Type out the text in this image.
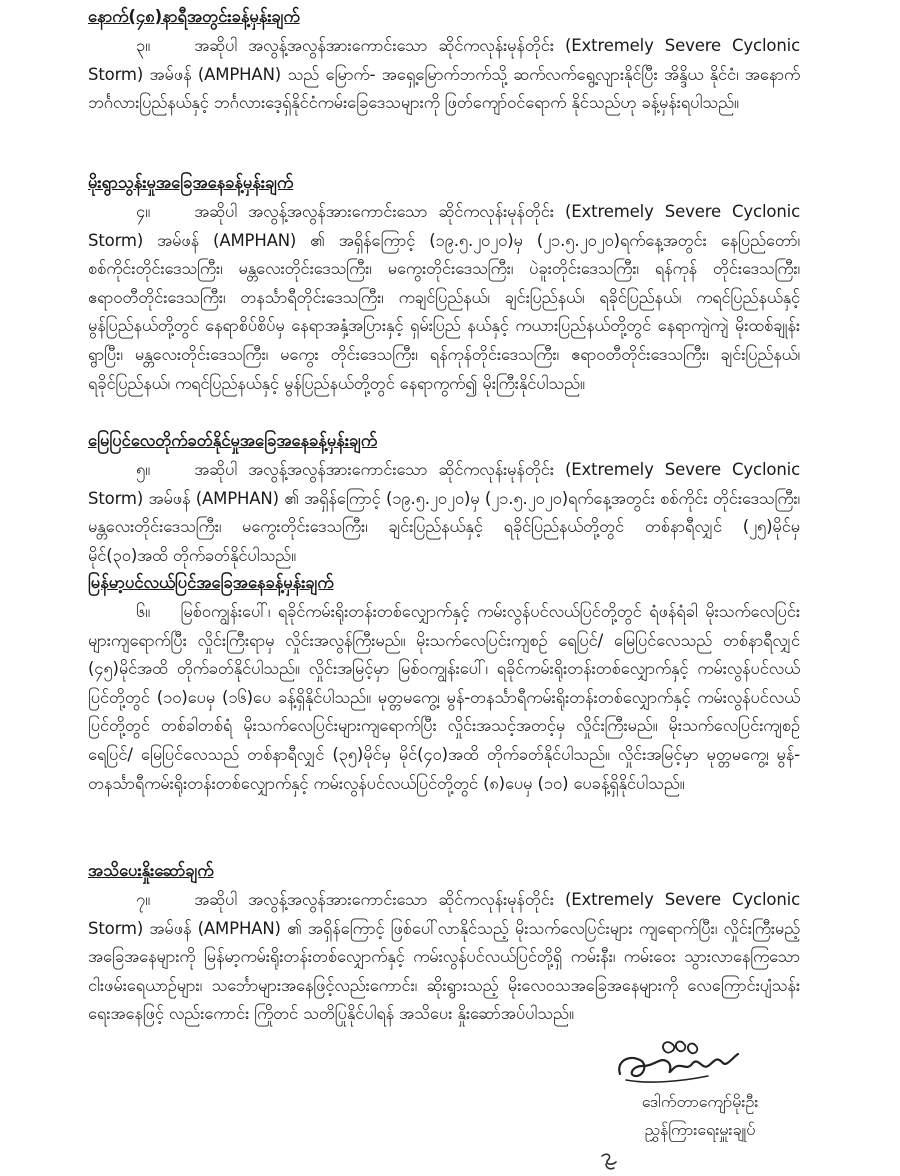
နောက်(၄၈)နာရီအတွင်းခန့်မှန်းချက်

၃။	အဆိုပါ အလွန့်အလွန်အားကောင်းသော ဆိုင်ကလုန်းမုန်တိုင်း (Extremely Severe Cyclonic Storm) အမ်ဖန် (AMPHAN) သည် မြောက်- အရှေ့မြောက်ဘက်သို့ ဆက်လက်ရွေ့လျားနိုင်ပြီး အိန္ဒိယ နိုင်ငံ၊ အနောက်ဘင်္ဂလားပြည်နယ်နှင့် ဘင်္ဂလားဒေ့ရှ်နိုင်ငံကမ်းခြေဒေသများကို ဖြတ်ကျော်ဝင်ရောက် နိုင်သည်ဟု ခန့်မှန်းရပါသည်။

မိုးရွာသွန်းမှုအခြေအနေခန့်မှန်းချက်

၄။	အဆိုပါ အလွန့်အလွန်အားကောင်းသော ဆိုင်ကလုန်းမုန်တိုင်း (Extremely Severe Cyclonic Storm) အမ်ဖန် (AMPHAN) ၏ အရှိန်ကြောင့် (၁၉.၅.၂၀၂၀)မှ (၂၁.၅.၂၀၂၀)ရက်နေ့အတွင်း နေပြည်တော်၊ စစ်ကိုင်းတိုင်းဒေသကြီး၊ မန္တလေးတိုင်းဒေသကြီး၊ မကွေးတိုင်းဒေသကြီး၊ ပဲခူးတိုင်းဒေသကြီး၊ ရန်ကုန် တိုင်းဒေသကြီး၊ ဧရာဝတီတိုင်းဒေသကြီး၊ တနင်္သာရီတိုင်းဒေသကြီး၊ ကချင်ပြည်နယ်၊ ချင်းပြည်နယ်၊ ရခိုင်ပြည်နယ်၊ ကရင်ပြည်နယ်နှင့် မွန်ပြည်နယ်တို့တွင် နေရာစိပ်စိပ်မှ နေရာအနှံ့အပြားနှင့် ရှမ်းပြည် နယ်နှင့် ကယားပြည်နယ်တို့တွင် နေရာကျဲကျဲ မိုးထစ်ချုန်းရွာပြီး၊ မန္တလေးတိုင်းဒေသကြီး၊ မကွေး တိုင်းဒေသကြီး၊ ရန်ကုန်တိုင်းဒေသကြီး၊ ဧရာဝတီတိုင်းဒေသကြီး၊ ချင်းပြည်နယ်၊ ရခိုင်ပြည်နယ်၊ ကရင်ပြည်နယ်နှင့် မွန်ပြည်နယ်တို့တွင် နေရာကွက်၍ မိုးကြီးနိုင်ပါသည်။

မြေပြင်လေတိုက်ခတ်နိုင်မှုအခြေအနေခန့်မှန်းချက်

၅။	အဆိုပါ အလွန့်အလွန်အားကောင်းသော ဆိုင်ကလုန်းမုန်တိုင်း (Extremely Severe Cyclonic Storm) အမ်ဖန် (AMPHAN) ၏ အရှိန်ကြောင့် (၁၉.၅.၂၀၂၀)မှ (၂၁.၅.၂၀၂၀)ရက်နေ့အတွင်း စစ်ကိုင်း တိုင်းဒေသကြီး၊ မန္တလေးတိုင်းဒေသကြီး၊ မကွေးတိုင်းဒေသကြီး၊ ချင်းပြည်နယ်နှင့် ရခိုင်ပြည်နယ်တို့တွင် တစ်နာရီလျှင် (၂၅)မိုင်မှ မိုင်(၃၀)အထိ တိုက်ခတ်နိုင်ပါသည်။

မြန်မာ့ပင်လယ်ပြင်အခြေအနေခန့်မှန်းချက်

၆။ မြစ်ဝကျွန်းပေါ်၊ ရခိုင်ကမ်းရိုးတန်းတစ်လျှောက်နှင့် ကမ်းလွန်ပင်လယ်ပြင်တို့တွင် ရံဖန်ရံခါ မိုးသက်လေပြင်းများကျရောက်ပြီး လှိုင်းကြီးရာမှ လှိုင်းအလွန်ကြီးမည်။ မိုးသက်လေပြင်းကျစဉ် ရေပြင်/ မြေပြင်လေသည် တစ်နာရီလျှင် (၄၅)မိုင်အထိ တိုက်ခတ်နိုင်ပါသည်။ လှိုင်းအမြင့်မှာ မြစ်ဝကျွန်းပေါ်၊ ရခိုင်ကမ်းရိုးတန်းတစ်လျှောက်နှင့် ကမ်းလွန်ပင်လယ်ပြင်တို့တွင် (၁၀)ပေမှ (၁၆)ပေ ခန့်ရှိနိုင်ပါသည်။ မုတ္တမကွေ့၊ မွန်-တနင်္သာရီကမ်းရိုးတန်းတစ်လျှောက်နှင့် ကမ်းလွန်ပင်လယ်ပြင်တို့တွင် တစ်ခါတစ်ရံ မိုးသက်လေပြင်းများကျရောက်ပြီး လှိုင်းအသင့်အတင့်မှ လှိုင်းကြီးမည်။ မိုးသက်လေပြင်းကျစဉ် ရေပြင်/ မြေပြင်လေသည် တစ်နာရီလျှင် (၃၅)မိုင်မှ မိုင်(၄၀)အထိ တိုက်ခတ်နိုင်ပါသည်။ လှိုင်းအမြင့်မှာ မုတ္တမကွေ့၊ မွန်-တနင်္သာရီကမ်းရိုးတန်းတစ်လျှောက်နှင့် ကမ်းလွန်ပင်လယ်ပြင်တို့တွင် (၈)ပေမှ (၁၀) ပေခန့်ရှိနိုင်ပါသည်။

အသိပေးနှိုးဆော်ချက်

၇။	အဆိုပါ အလွန့်အလွန်အားကောင်းသော ဆိုင်ကလုန်းမုန်တိုင်း (Extremely Severe Cyclonic Storm) အမ်ဖန် (AMPHAN) ၏ အရှိန်ကြောင့် ဖြစ်ပေါ်လာနိုင်သည့် မိုးသက်လေပြင်းများ ကျရောက်ပြီး၊ လှိုင်းကြီးမည့် အခြေအနေများကို မြန်မာ့ကမ်းရိုးတန်းတစ်လျှောက်နှင့် ကမ်းလွန်ပင်လယ်ပြင်တို့ရှိ ကမ်းနီး၊ ကမ်းဝေး သွားလာနေကြသော ငါးဖမ်းရေယာဉ်များ၊ သင်္ဘောများအနေဖြင့်လည်းကောင်း၊ ဆိုးရွားသည့် မိုးလေဝသအခြေအနေများကို လေကြောင်းပျံသန်းရေးအနေဖြင့် လည်းကောင်း ကြိုတင် သတိပြုနိုင်ပါရန် အသိပေး နှိုးဆော်အပ်ပါသည်။

ဒေါက်တာကျော်မိုးဦး

ညွှန်ကြားရေးမှူးချုပ်
